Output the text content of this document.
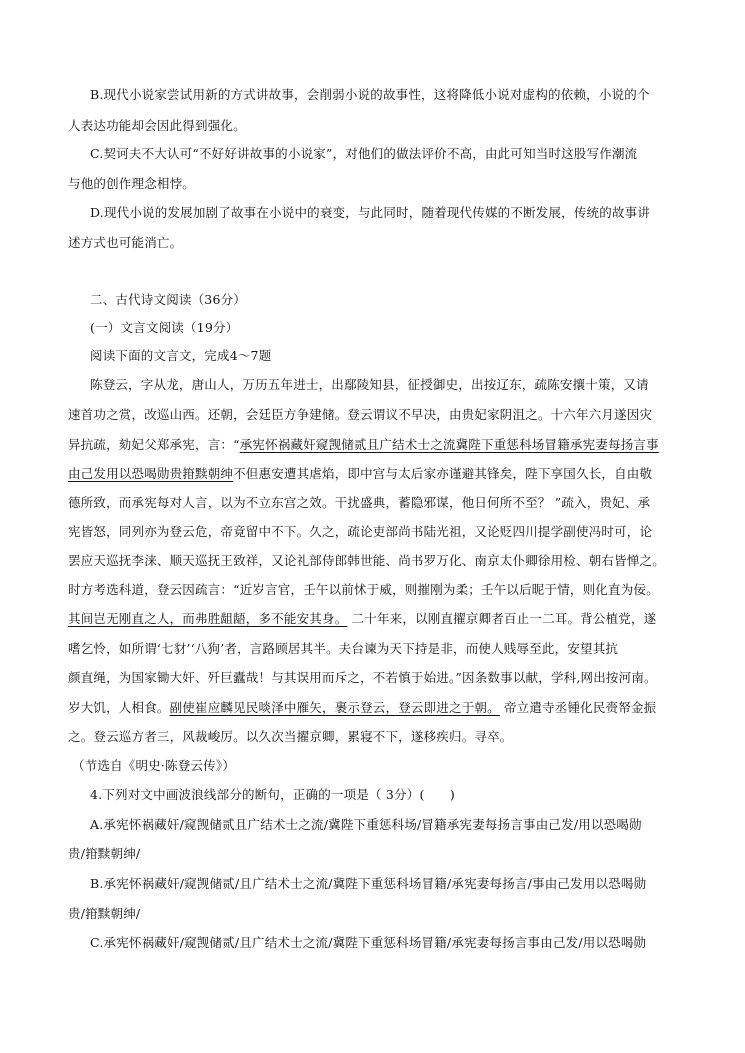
B.现代小说家尝试用新的方式讲故事，会削弱小说的故事性，这将降低小说对虚构的依赖，小说的个
人表达功能却会因此得到强化。
C.契诃夫不大认可“不好好讲故事的小说家”，对他们的做法评价不高，由此可知当时这股写作潮流
与他的创作理念相悖。
D.现代小说的发展加剧了故事在小说中的衰变，与此同时，随着现代传媒的不断发展，传统的故事讲
述方式也可能消亡。
二、古代诗文阅读（36分）
(一）文言文阅读（19分）
阅读下面的文言文，完成4～7题
陈登云，字从龙，唐山人，万历五年进士，出鄢陵知县，征授御史，出按辽东，疏陈安攘十策，又请
速首功之赏，改巡山西。还朝，会廷臣方争建储。登云谓议不早决，由贵妃家阴沮之。十六年六月遂因灾
异抗疏，劾妃父郑承宪，言：“承宪怀祸藏奸窥觊储贰且广结术士之流冀陛下重惩科场冒籍承宪妻每扬言事
由己发用以恐喝勋贵箝黩朝绅不但惠安遭其虐焰，即中宫与太后家亦谨避其锋矣，陛下享国久长，自由敬
德所致，而承宪每对人言，以为不立东宫之效。干扰盛典，蓄隐邪谋，他日何所不至？ ”疏入，贵妃、承
宪皆怒，同列亦为登云危，帝竟留中不下。久之，疏论吏部尚书陆光祖，又论贬四川提学副使冯时可，论
罢应天巡抚李涞、顺天巡抚王致祥，又论礼部侍郎韩世能、尚书罗万化、南京太仆卿徐用检、朝右皆惮之。
时方考选科道，登云因疏言：“近岁言官，壬午以前怵于威，则摧刚为柔；壬午以后昵于情，则化直为佞。
其间岂无刚直之人，而弗胜龃龉，多不能安其身。 二十年来，以刚直擢京卿者百止一二耳。背公植党，遂
嗜乞怜，如所谓‘七豺’‘八狗’者，言路顾居其半。夫台谏为天下持是非，而使人贱辱至此，安望其抗
颜直绳，为国家锄大奸、歼巨蠹哉！与其误用而斥之，不若慎于始进。”因条数事以献，学科,网出按河南。
岁大饥，人相食。副使崔应麟见民啖泽中雁矢，裹示登云，登云即进之于朝。 帝立遣寺丞锺化民赍帑金振
之。登云巡方者三，风裁峻厉。以久次当擢京卿，累寝不下，遂移疾归。寻卒。
（节选自《明史·陈登云传》）
4.下列对文中画波浪线部分的断句，正确的一项是（ 3分）(　　)
A.承宪怀祸藏奸/窥觊储贰且广结术士之流/冀陛下重惩科场/冒籍承宪妻每扬言事由己发/用以恐喝勋
贵/箝黩朝绅/
B.承宪怀祸藏奸/窥觊储贰/且广结术士之流/冀陛下重惩科场冒籍/承宪妻每扬言/事由己发用以恐喝勋
贵/箝黩朝绅/
C.承宪怀祸藏奸/窥觊储贰/且广结术士之流/冀陛下重惩科场冒籍/承宪妻每扬言事由己发/用以恐喝勋
